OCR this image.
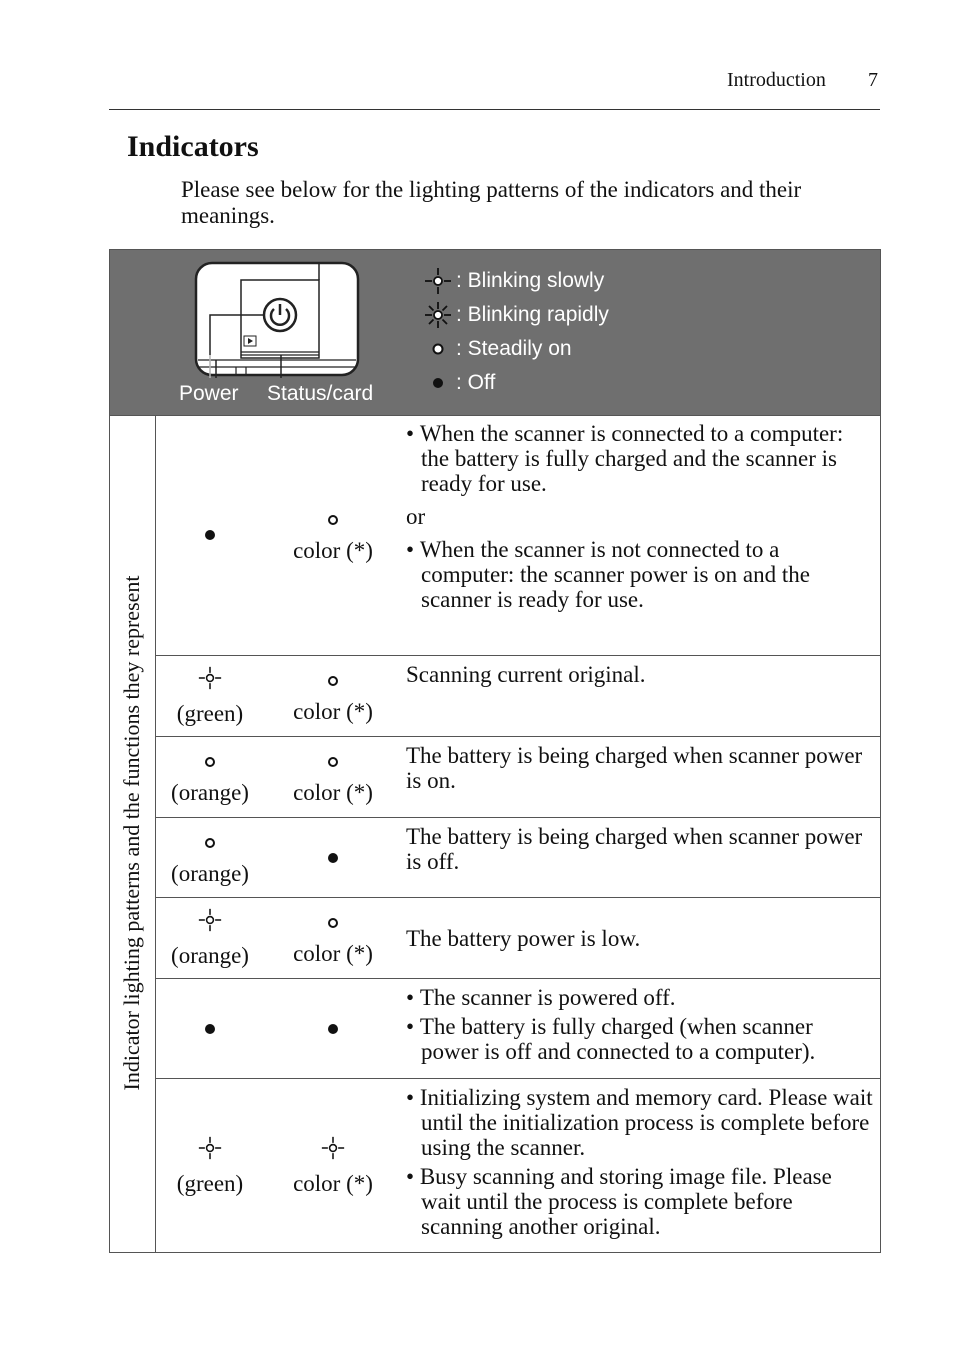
Introduction 7
Indicators

Please see below for the lighting patterns of the indicators and their meanings.

Power Status/card
: Blinking slowly
: Blinking rapidly
: Steadily on
: Off
Indicator lighting patterns and the functions they represent
color (*)

• When the scanner is connected to a computer: the battery is fully charged and the scanner is ready for use.

or

• When the scanner is not connected to a computer: the scanner power is on and the scanner is ready for use.

(green) color (*)

Scanning current original.

(orange) color (*)

The battery is being charged when scanner power is on.

(orange)

The battery is being charged when scanner power is off.

(orange) color (*)

The battery power is low.

• The scanner is powered off.

• The battery is fully charged (when scanner power is off and connected to a computer).

(green) color (*)

• Initializing system and memory card. Please wait until the initialization process is complete before using the scanner.

• Busy scanning and storing image file. Please wait until the process is complete before scanning another original.
